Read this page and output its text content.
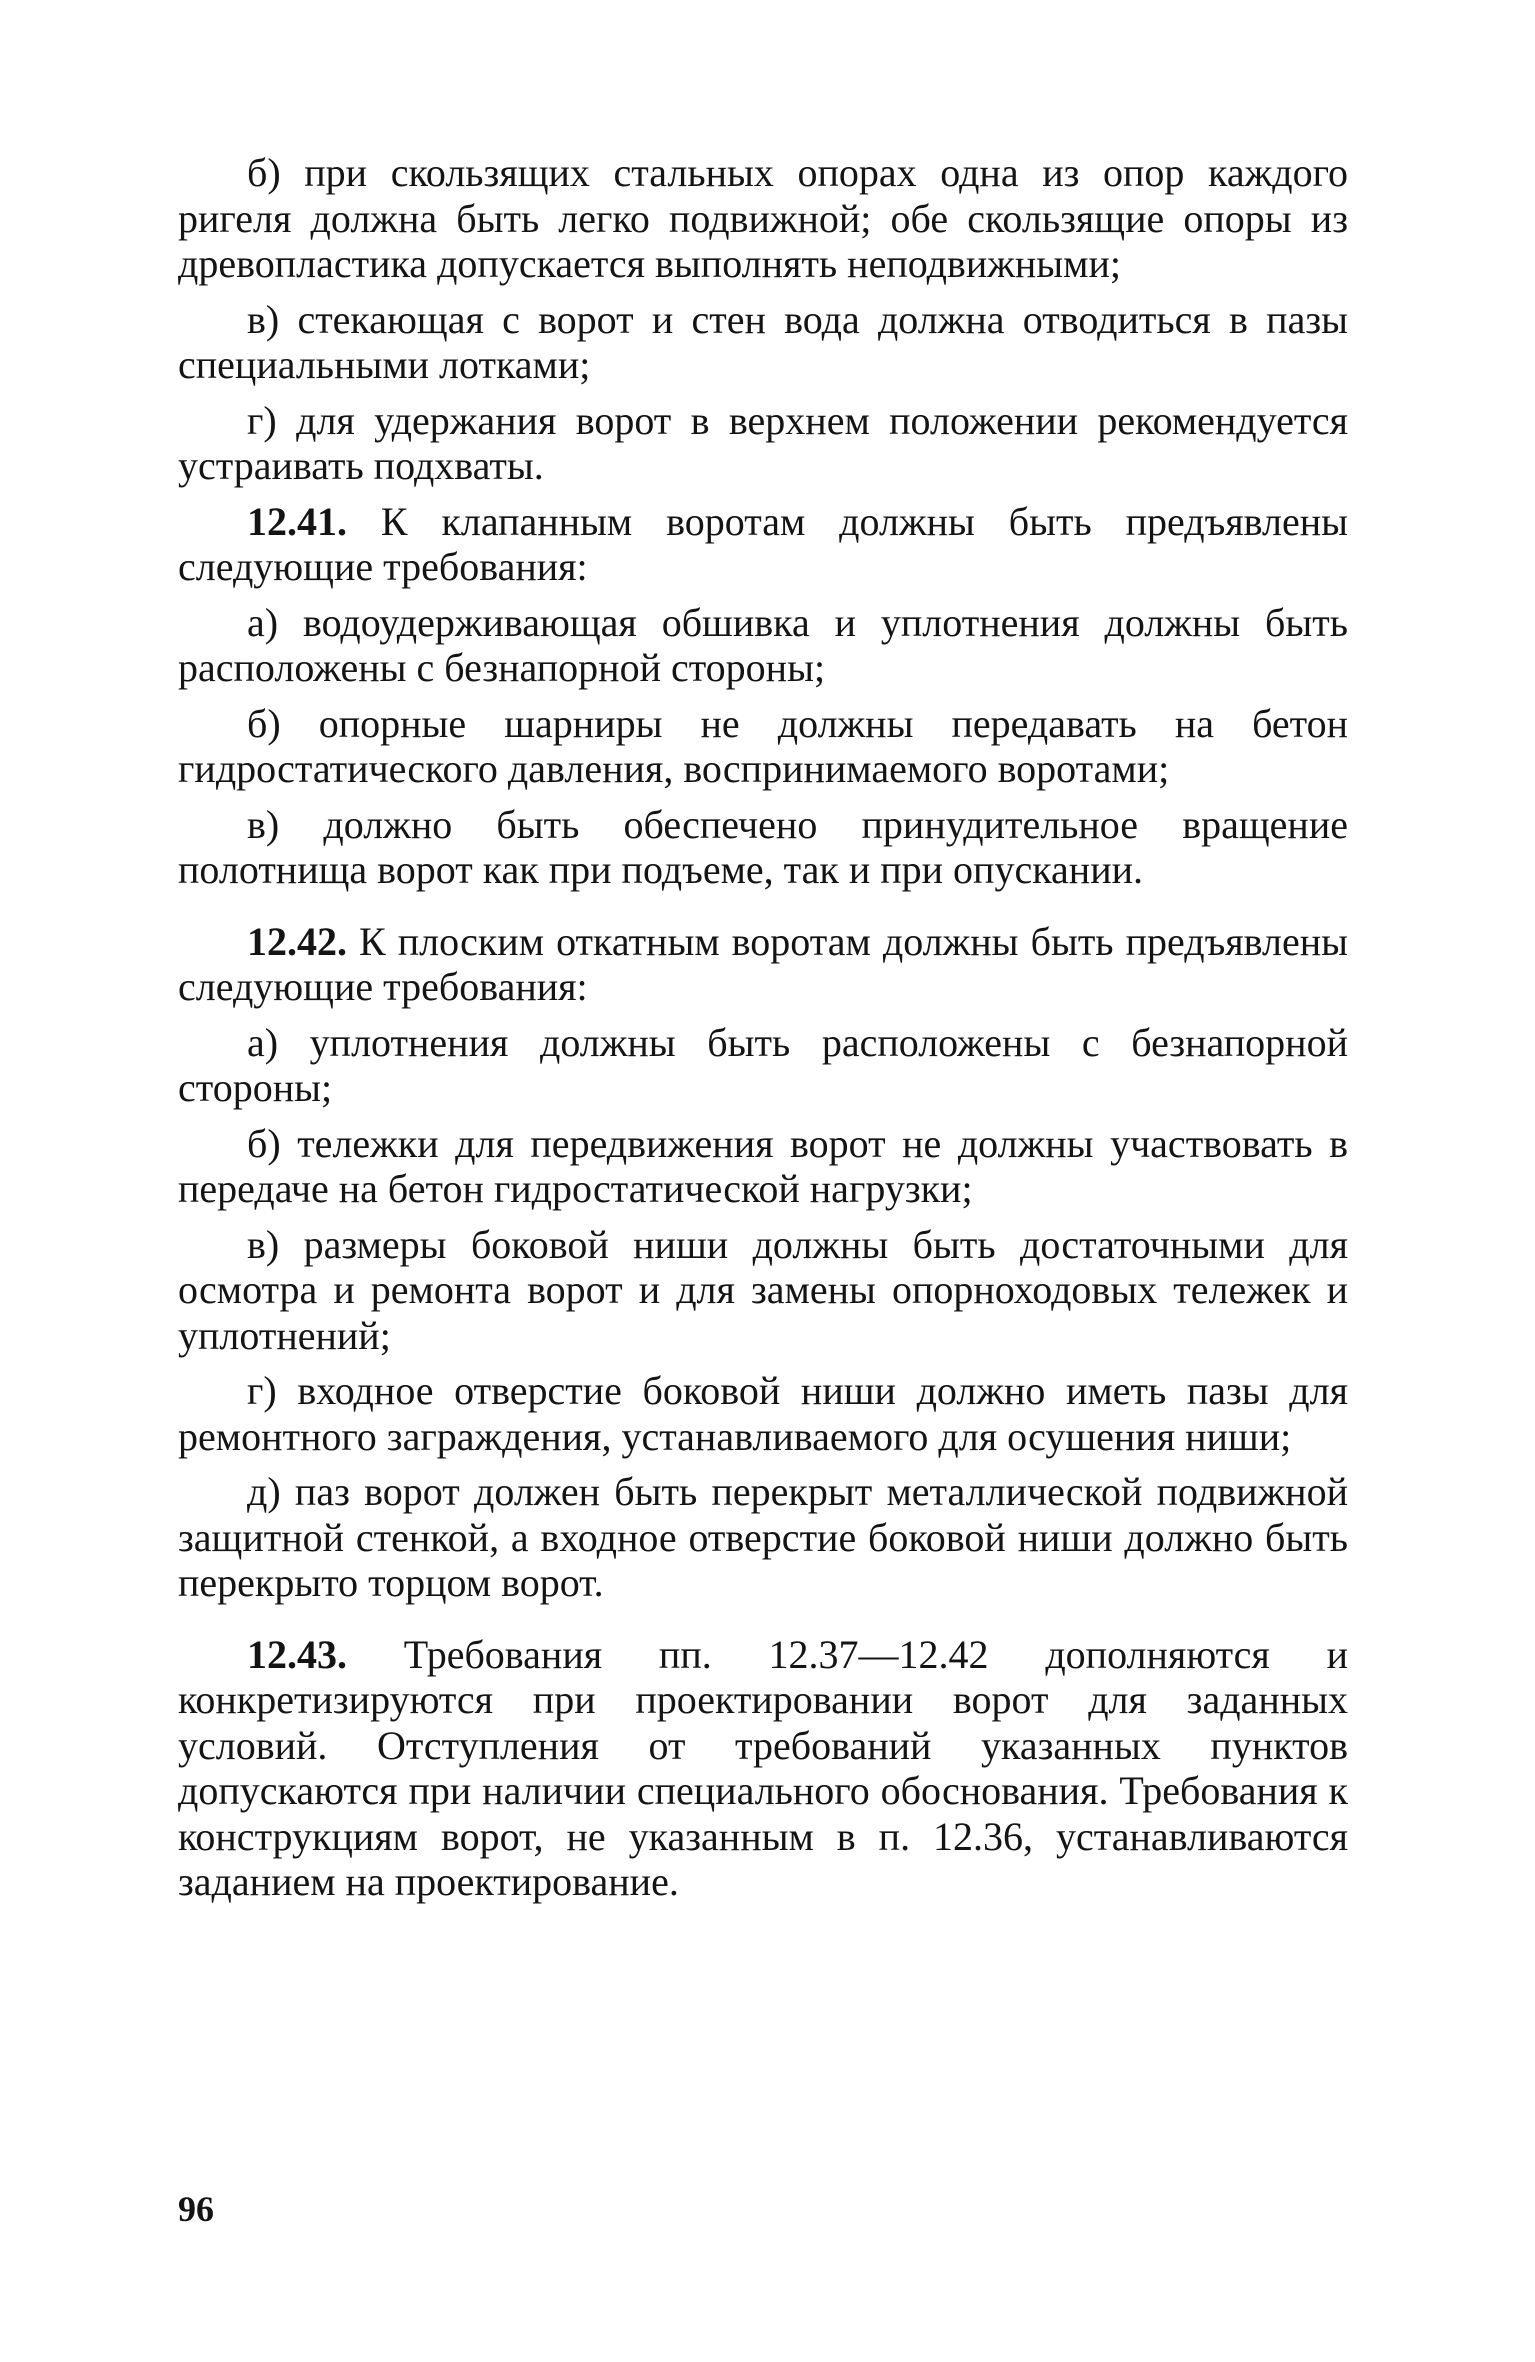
б) при скользящих стальных опорах одна из опор каждого ригеля должна быть легко подвижной; обе скользящие опоры из древопластика допускается выполнять неподвижными;

в) стекающая с ворот и стен вода должна отводиться в пазы специальными лотками;

г) для удержания ворот в верхнем положении рекомендуется устраивать подхваты.

12.41. К клапанным воротам должны быть предъявлены следующие требования:

а) водоудерживающая обшивка и уплотнения должны быть расположены с безнапорной стороны;

б) опорные шарниры не должны передавать на бетон гидростатического давления, воспринимаемого воротами;

в) должно быть обеспечено принудительное вращение полотнища ворот как при подъеме, так и при опускании.

12.42. К плоским откатным воротам должны быть предъявлены следующие требования:

а) уплотнения должны быть расположены с безнапорной стороны;

б) тележки для передвижения ворот не должны участвовать в передаче на бетон гидростатической нагрузки;

в) размеры боковой ниши должны быть достаточными для осмотра и ремонта ворот и для замены опорноходовых тележек и уплотнений;

г) входное отверстие боковой ниши должно иметь пазы для ремонтного заграждения, устанавливаемого для осушения ниши;

д) паз ворот должен быть перекрыт металлической подвижной защитной стенкой, а входное отверстие боковой ниши должно быть перекрыто торцом ворот.

12.43. Требования пп. 12.37—12.42 дополняются и конкретизируются при проектировании ворот для заданных условий. Отступления от требований указанных пунктов допускаются при наличии специального обоснования. Требования к конструкциям ворот, не указанным в п. 12.36, устанавливаются заданием на проектирование.

96
